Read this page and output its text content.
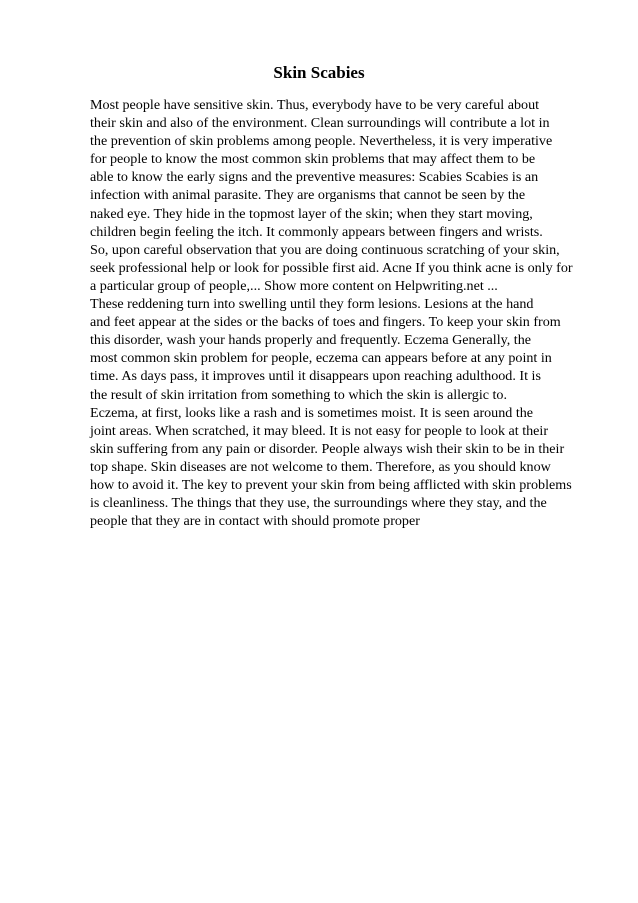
Skin Scabies
Most people have sensitive skin. Thus, everybody have to be very careful about
their skin and also of the environment. Clean surroundings will contribute a lot in
the prevention of skin problems among people. Nevertheless, it is very imperative
for people to know the most common skin problems that may affect them to be
able to know the early signs and the preventive measures: Scabies Scabies is an
infection with animal parasite. They are organisms that cannot be seen by the
naked eye. They hide in the topmost layer of the skin; when they start moving,
children begin feeling the itch. It commonly appears between fingers and wrists.
So, upon careful observation that you are doing continuous scratching of your skin,
seek professional help or look for possible first aid. Acne If you think acne is only for
a particular group of people,... Show more content on Helpwriting.net ...
These reddening turn into swelling until they form lesions. Lesions at the hand
and feet appear at the sides or the backs of toes and fingers. To keep your skin from
this disorder, wash your hands properly and frequently. Eczema Generally, the
most common skin problem for people, eczema can appears before at any point in
time. As days pass, it improves until it disappears upon reaching adulthood. It is
the result of skin irritation from something to which the skin is allergic to.
Eczema, at first, looks like a rash and is sometimes moist. It is seen around the
joint areas. When scratched, it may bleed. It is not easy for people to look at their
skin suffering from any pain or disorder. People always wish their skin to be in their
top shape. Skin diseases are not welcome to them. Therefore, as you should know
how to avoid it. The key to prevent your skin from being afflicted with skin problems
is cleanliness. The things that they use, the surroundings where they stay, and the
people that they are in contact with should promote proper
